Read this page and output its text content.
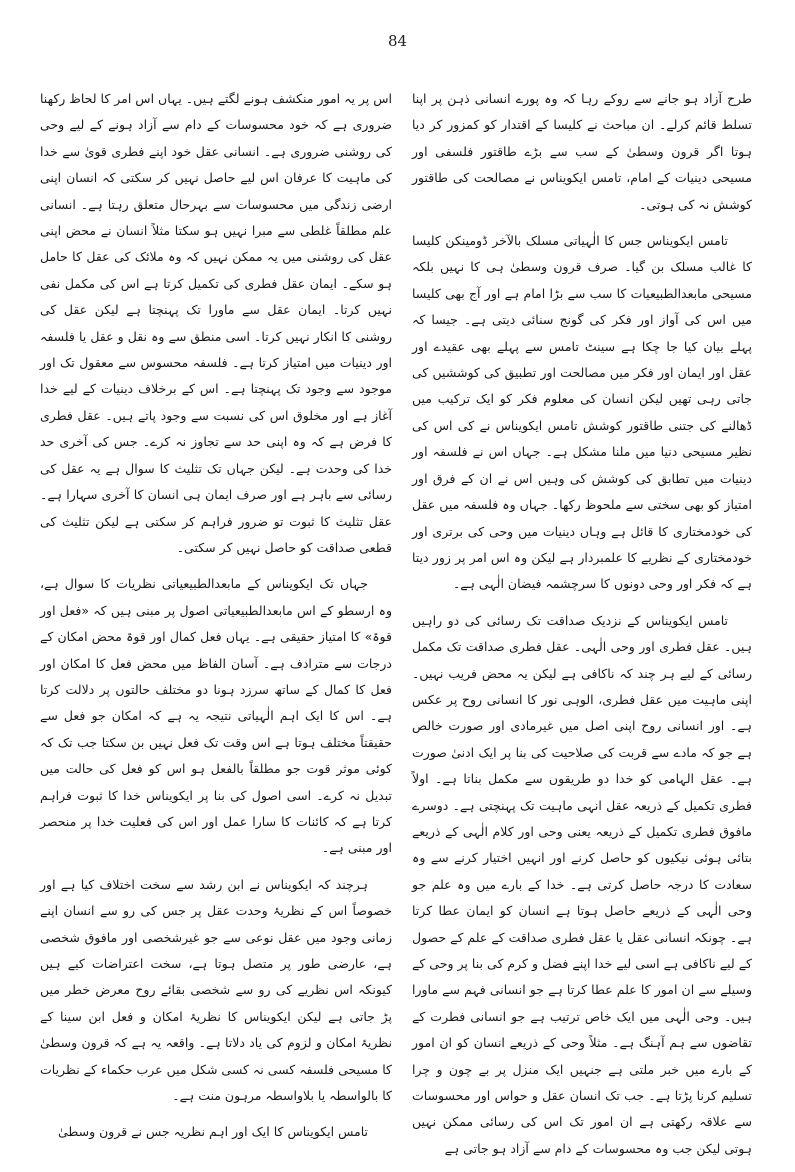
84

طرح آزاد ہو جانے سے روکے رہا کہ وہ پورے انسانی ذہن پر اپنا تسلط قائم کرلے۔ ان مباحث نے کلیسا کے اقتدار کو کمزور کر دیا ہوتا اگر قرون وسطیٰ کے سب سے بڑے طاقتور فلسفی اور مسیحی دینیات کے امام، تامس ایکویناس نے مصالحت کی طاقتور کوشش نہ کی ہوتی۔

تامس ایکویناس جس کا الٰہیاتی مسلک بالآخر ڈومینکن کلیسا کا غالب مسلک بن گیا۔ صرف قرون وسطیٰ ہی کا نہیں بلکہ مسیحی مابعدالطبیعیات کا سب سے بڑا امام ہے اور آج بھی کلیسا میں اس کی آواز اور فکر کی گونج سنائی دیتی ہے۔ جیسا کہ پہلے بیان کیا جا چکا ہے سینٹ تامس سے پہلے بھی عقیدے اور عقل اور ایمان اور فکر میں مصالحت اور تطبیق کی کوششیں کی جاتی رہی تھیں لیکن انسان کی معلوم فکر کو ایک ترکیب میں ڈھالنے کی جتنی طاقتور کوشش تامس ایکویناس نے کی اس کی نظیر مسیحی دنیا میں ملنا مشکل ہے۔ جہاں اس نے فلسفہ اور دینیات میں تطابق کی کوشش کی وہیں اس نے ان کے فرق اور امتیاز کو بھی سختی سے ملحوظ رکھا۔ جہاں وہ فلسفہ میں عقل کی خودمختاری کا قائل ہے وہاں دینیات میں وحی کی برتری اور خودمختاری کے نظریے کا علمبردار ہے لیکن وہ اس امر پر زور دیتا ہے کہ فکر اور وحی دونوں کا سرچشمہ فیضان الٰہی ہے۔

تامس ایکویناس کے نزدیک صداقت تک رسائی کی دو راہیں ہیں۔ عقل فطری اور وحی الٰہی۔ عقل فطری صداقت تک مکمل رسائی کے لیے ہر چند کہ ناکافی ہے لیکن یہ محض فریب نہیں۔ اپنی ماہیت میں عقل فطری، الوہی نور کا انسانی روح پر عکس ہے۔ اور انسانی روح اپنی اصل میں غیرمادی اور صورت خالص ہے جو کہ مادے سے قربت کی صلاحیت کی بنا پر ایک ادنیٰ صورت ہے۔ عقل الہامی کو خدا دو طریقوں سے مکمل بناتا ہے۔ اولاً فطری تکمیل کے ذریعہ عقل انہی ماہیت تک پہنچتی ہے۔ دوسرے مافوق فطری تکمیل کے ذریعہ یعنی وحی اور کلام الٰہی کے ذریعے بتائی ہوئی نیکیوں کو حاصل کرنے اور انہیں اختیار کرنے سے وہ سعادت کا درجہ حاصل کرتی ہے۔ خدا کے بارے میں وہ علم جو وحی الٰہی کے ذریعے حاصل ہوتا ہے انسان کو ایمان عطا کرتا ہے۔ چونکہ انسانی عقل یا عقل فطری صداقت کے علم کے حصول کے لیے ناکافی ہے اسی لیے خدا اپنے فضل و کرم کی بنا پر وحی کے وسیلے سے ان امور کا علم عطا کرتا ہے جو انسانی فہم سے ماورا ہیں۔ وحی الٰہی میں ایک خاص ترتیب ہے جو انسانی فطرت کے تقاضوں سے ہم آہنگ ہے۔ مثلاً وحی کے ذریعے انسان کو ان امور کے بارے میں خبر ملتی ہے جنہیں ایک منزل پر بے چون و چرا تسلیم کرنا پڑتا ہے۔ جب تک انسان عقل و حواس اور محسوسات سے علاقہ رکھتی ہے ان امور تک اس کی رسائی ممکن نہیں ہوتی لیکن جب وہ محسوسات کے دام سے آزاد ہو جاتی ہے

اس پر یہ امور منکشف ہونے لگتے ہیں۔ یہاں اس امر کا لحاظ رکھنا ضروری ہے کہ خود محسوسات کے دام سے آزاد ہونے کے لیے وحی کی روشنی ضروری ہے۔ انسانی عقل خود اپنے فطری قویٰ سے خدا کی ماہیت کا عرفان اس لیے حاصل نہیں کر سکتی کہ انسان اپنی ارضی زندگی میں محسوسات سے بہرحال متعلق رہتا ہے۔ انسانی علم مطلقاً غلطی سے مبرا نہیں ہو سکتا مثلاً انسان نے محض اپنی عقل کی روشنی میں یہ ممکن نہیں کہ وہ ملائک کی عقل کا حامل ہو سکے۔ ایمان عقل فطری کی تکمیل کرتا ہے اس کی مکمل نفی نہیں کرتا۔ ایمان عقل سے ماورا تک پہنچتا ہے لیکن عقل کی روشنی کا انکار نہیں کرتا۔ اسی منطق سے وہ نقل و عقل یا فلسفہ اور دینیات میں امتیاز کرتا ہے۔ فلسفہ محسوس سے معقول تک اور موجود سے وجود تک پہنچتا ہے۔ اس کے برخلاف دینیات کے لیے خدا آغاز ہے اور مخلوق اس کی نسبت سے وجود پاتے ہیں۔ عقل فطری کا فرض ہے کہ وہ اپنی حد سے تجاوز نہ کرے۔ جس کی آخری حد خدا کی وحدت ہے۔ لیکن جہاں تک تثلیث کا سوال ہے یہ عقل کی رسائی سے باہر ہے اور صرف ایمان ہی انسان کا آخری سہارا ہے۔ عقل تثلیث کا ثبوت تو ضرور فراہم کر سکتی ہے لیکن تثلیث کی قطعی صداقت کو حاصل نہیں کر سکتی۔

جہاں تک ایکویناس کے مابعدالطبیعیاتی نظریات کا سوال ہے، وہ ارسطو کے اس مابعدالطبیعیاتی اصول پر مبنی ہیں کہ «فعل اور قوۃ» کا امتیاز حقیقی ہے۔ یہاں فعل کمال اور قوۃ محض امکان کے درجات سے مترادف ہے۔ آسان الفاظ میں محض فعل کا امکان اور فعل کا کمال کے ساتھ سرزد ہونا دو مختلف حالتوں پر دلالت کرتا ہے۔ اس کا ایک اہم الٰہیاتی نتیجہ یہ ہے کہ امکان جو فعل سے حقیقتاً مختلف ہوتا ہے اس وقت تک فعل نہیں بن سکتا جب تک کہ کوئی موثر قوت جو مطلقاً بالفعل ہو اس کو فعل کی حالت میں تبدیل نہ کرے۔ اسی اصول کی بنا پر ایکویناس خدا کا ثبوت فراہم کرتا ہے کہ کائنات کا سارا عمل اور اس کی فعلیت خدا پر منحصر اور مبنی ہے۔

ہرچند کہ ایکویناس نے ابن رشد سے سخت اختلاف کیا ہے اور خصوصاً اس کے نظریۂ وحدت عقل پر جس کی رو سے انسان اپنے زمانی وجود میں عقل نوعی سے جو غیرشخصی اور مافوق شخصی ہے، عارضی طور پر متصل ہوتا ہے، سخت اعتراضات کیے ہیں کیونکہ اس نظریے کی رو سے شخصی بقائے روح معرض خطر میں پڑ جاتی ہے لیکن ایکویناس کا نظریۂ امکان و فعل ابن سینا کے نظریۂ امکان و لزوم کی یاد دلاتا ہے۔ واقعہ یہ ہے کہ قرون وسطیٰ کا مسیحی فلسفہ کسی نہ کسی شکل میں عرب حکماء کے نظریات کا بالواسطہ یا بلاواسطہ مرہون منت ہے۔

تامس ایکویناس کا ایک اور اہم نظریہ جس نے قرون وسطیٰ
